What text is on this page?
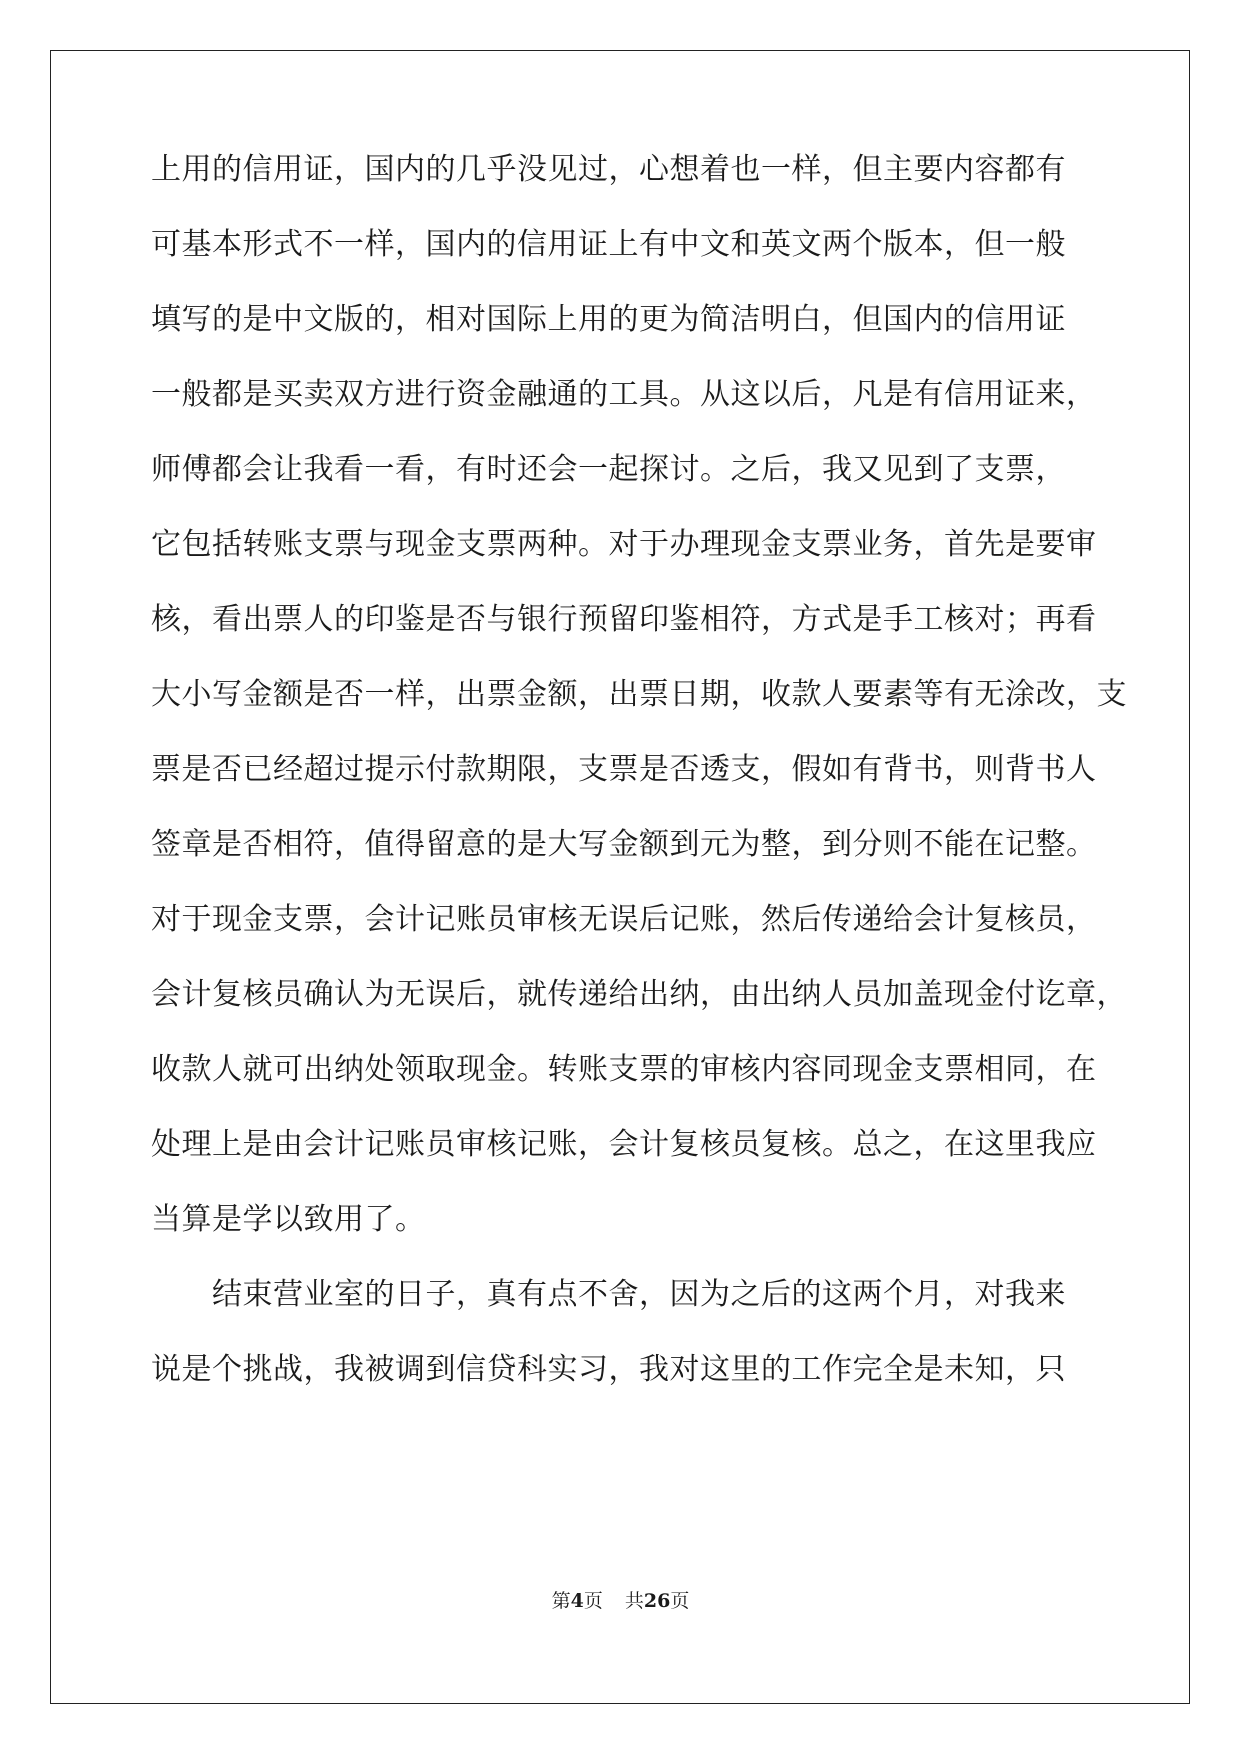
上用的信用证，国内的几乎没见过，心想着也一样，但主要内容都有
可基本形式不一样，国内的信用证上有中文和英文两个版本，但一般
填写的是中文版的，相对国际上用的更为简洁明白，但国内的信用证
一般都是买卖双方进行资金融通的工具。从这以后，凡是有信用证来，
师傅都会让我看一看，有时还会一起探讨。之后，我又见到了支票，
它包括转账支票与现金支票两种。对于办理现金支票业务，首先是要审
核，看出票人的印鉴是否与银行预留印鉴相符，方式是手工核对；再看
大小写金额是否一样，出票金额，出票日期，收款人要素等有无涂改，支
票是否已经超过提示付款期限，支票是否透支，假如有背书，则背书人
签章是否相符，值得留意的是大写金额到元为整，到分则不能在记整。
对于现金支票，会计记账员审核无误后记账，然后传递给会计复核员，
会计复核员确认为无误后，就传递给出纳，由出纳人员加盖现金付讫章，
收款人就可出纳处领取现金。转账支票的审核内容同现金支票相同，在
处理上是由会计记账员审核记账，会计复核员复核。总之，在这里我应
当算是学以致用了。
　　结束营业室的日子，真有点不舍，因为之后的这两个月，对我来
说是个挑战，我被调到信贷科实习，我对这里的工作完全是未知，只
第4页 共26页
